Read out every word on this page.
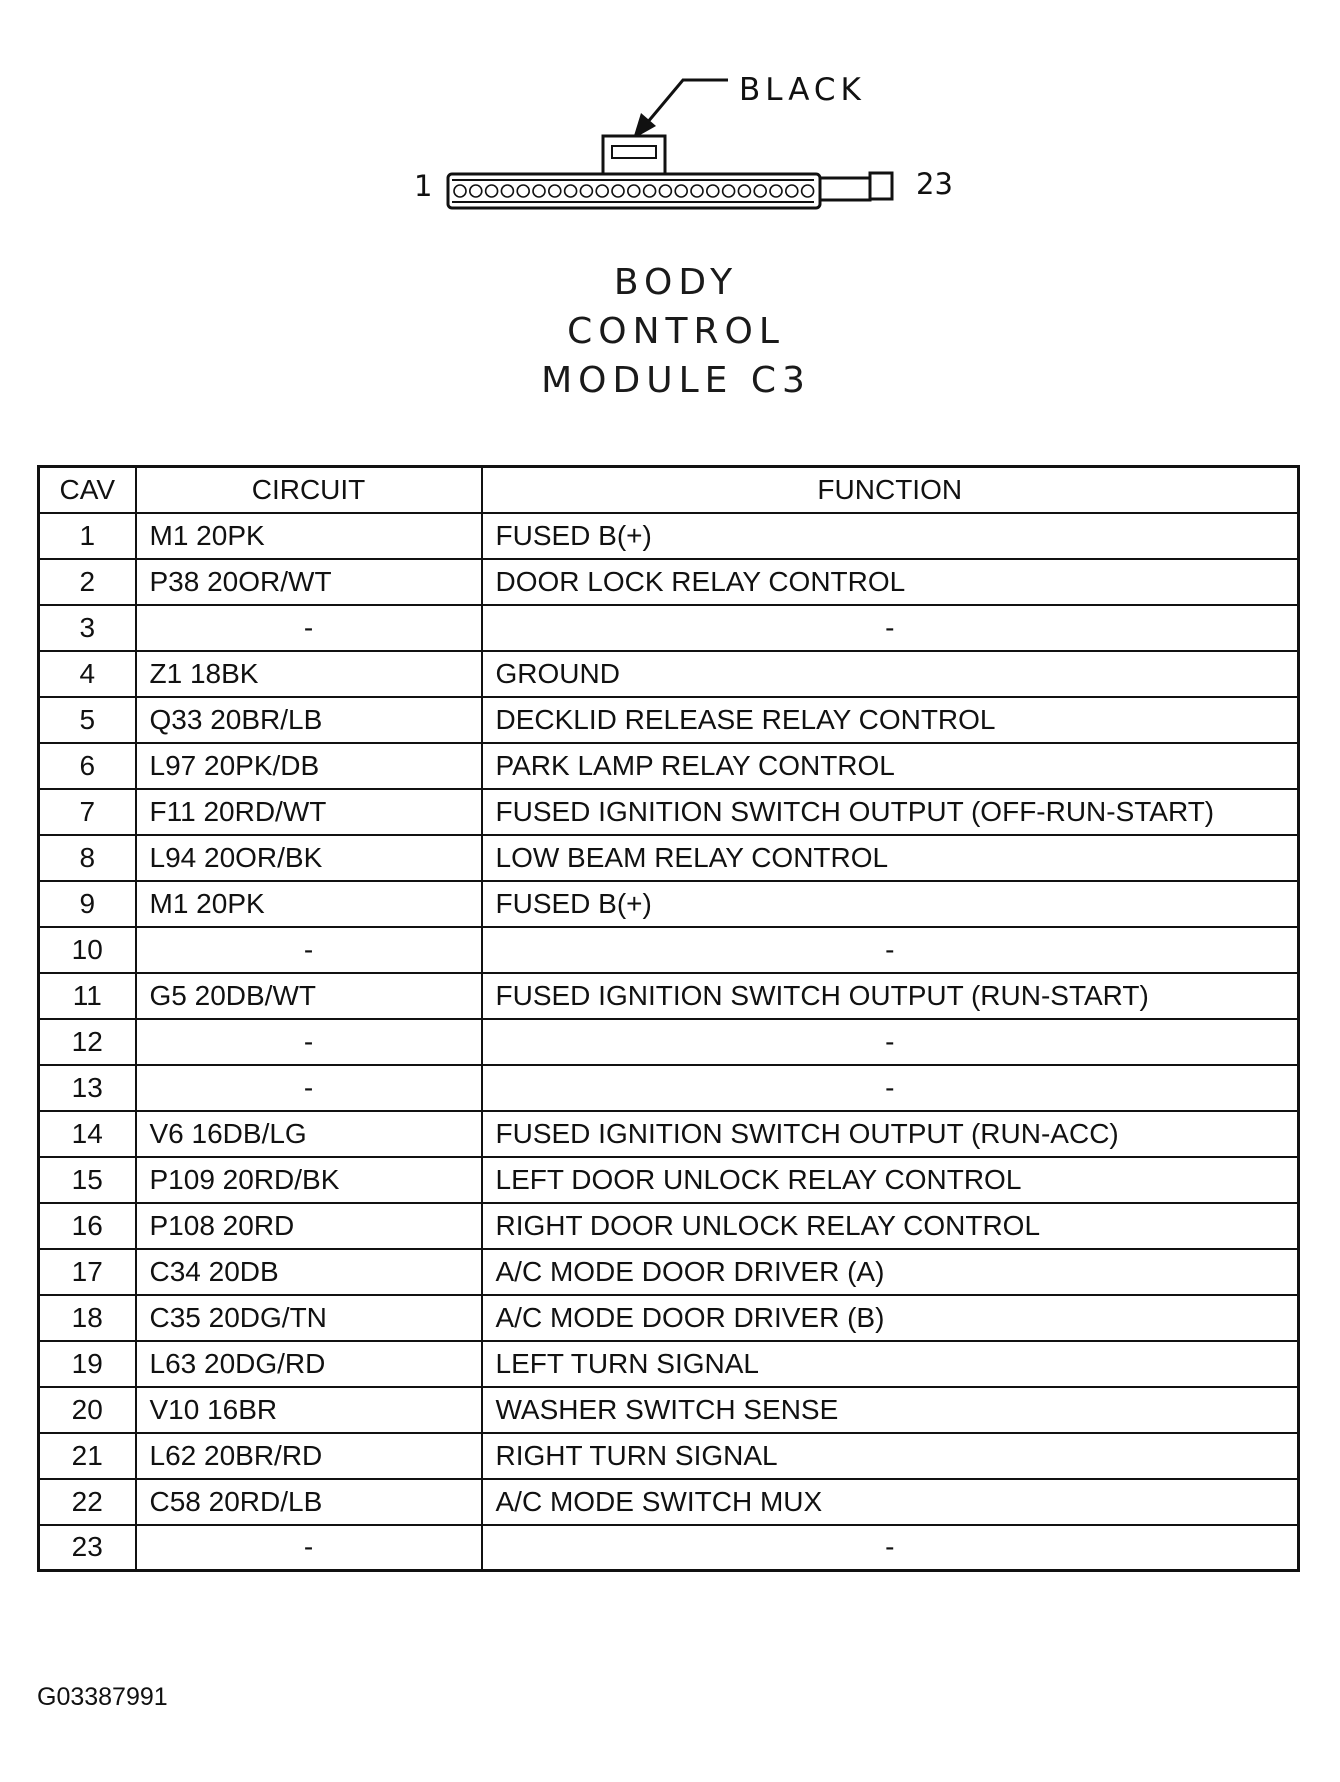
BLACK
1	23
BODY
CONTROL
MODULE C3
CAV	CIRCUIT	FUNCTION
1	M1 20PK	FUSED B(+)
2	P38 20OR/WT	DOOR LOCK RELAY CONTROL
3	-	-
4	Z1 18BK	GROUND
5	Q33 20BR/LB	DECKLID RELEASE RELAY CONTROL
6	L97 20PK/DB	PARK LAMP RELAY CONTROL
7	F11 20RD/WT	FUSED IGNITION SWITCH OUTPUT (OFF-RUN-START)
8	L94 20OR/BK	LOW BEAM RELAY CONTROL
9	M1 20PK	FUSED B(+)
10	-	-
11	G5 20DB/WT	FUSED IGNITION SWITCH OUTPUT (RUN-START)
12	-	-
13	-	-
14	V6 16DB/LG	FUSED IGNITION SWITCH OUTPUT (RUN-ACC)
15	P109 20RD/BK	LEFT DOOR UNLOCK RELAY CONTROL
16	P108 20RD	RIGHT DOOR UNLOCK RELAY CONTROL
17	C34 20DB	A/C MODE DOOR DRIVER (A)
18	C35 20DG/TN	A/C MODE DOOR DRIVER (B)
19	L63 20DG/RD	LEFT TURN SIGNAL
20	V10 16BR	WASHER SWITCH SENSE
21	L62 20BR/RD	RIGHT TURN SIGNAL
22	C58 20RD/LB	A/C MODE SWITCH MUX
23	-	-
G03387991
